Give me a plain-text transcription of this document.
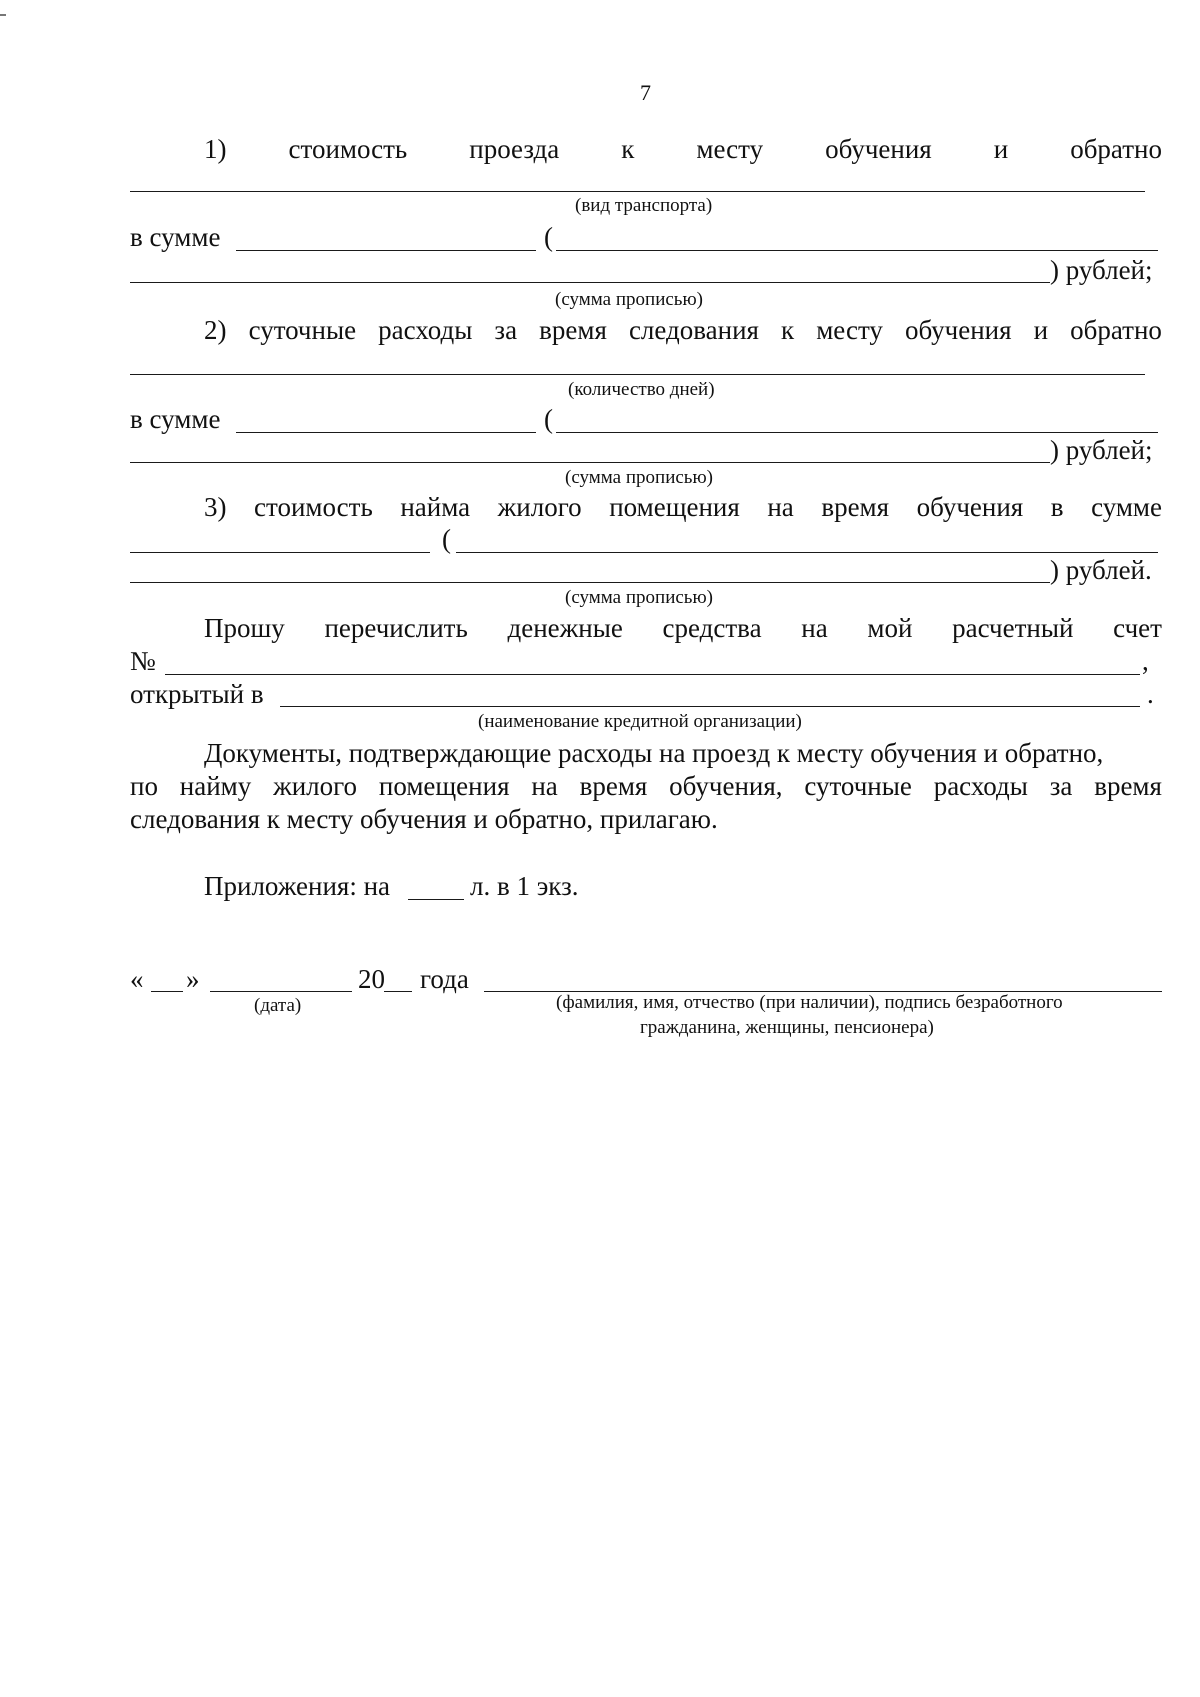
7
1) стоимость проезда к месту обучения и обратно
(вид транспорта)
в сумме	(
) рублей;
(сумма прописью)
2) суточные расходы за время следования к месту обучения и обратно
(количество дней)
в сумме	(
) рублей;
(сумма прописью)
3) стоимость найма жилого помещения на время обучения в сумме
(
) рублей.
(сумма прописью)
Прошу перечислить денежные средства на мой расчетный счет
№	,
открытый в	.
(наименование кредитной организации)
Документы, подтверждающие расходы на проезд к месту обучения и обратно,
по найму жилого помещения на время обучения, суточные расходы за время
следования к месту обучения и обратно, прилагаю.
Приложения: на	л. в 1 экз.
« »	20 года
(дата)	(фамилия, имя, отчество (при наличии), подпись безработного
гражданина, женщины, пенсионера)
